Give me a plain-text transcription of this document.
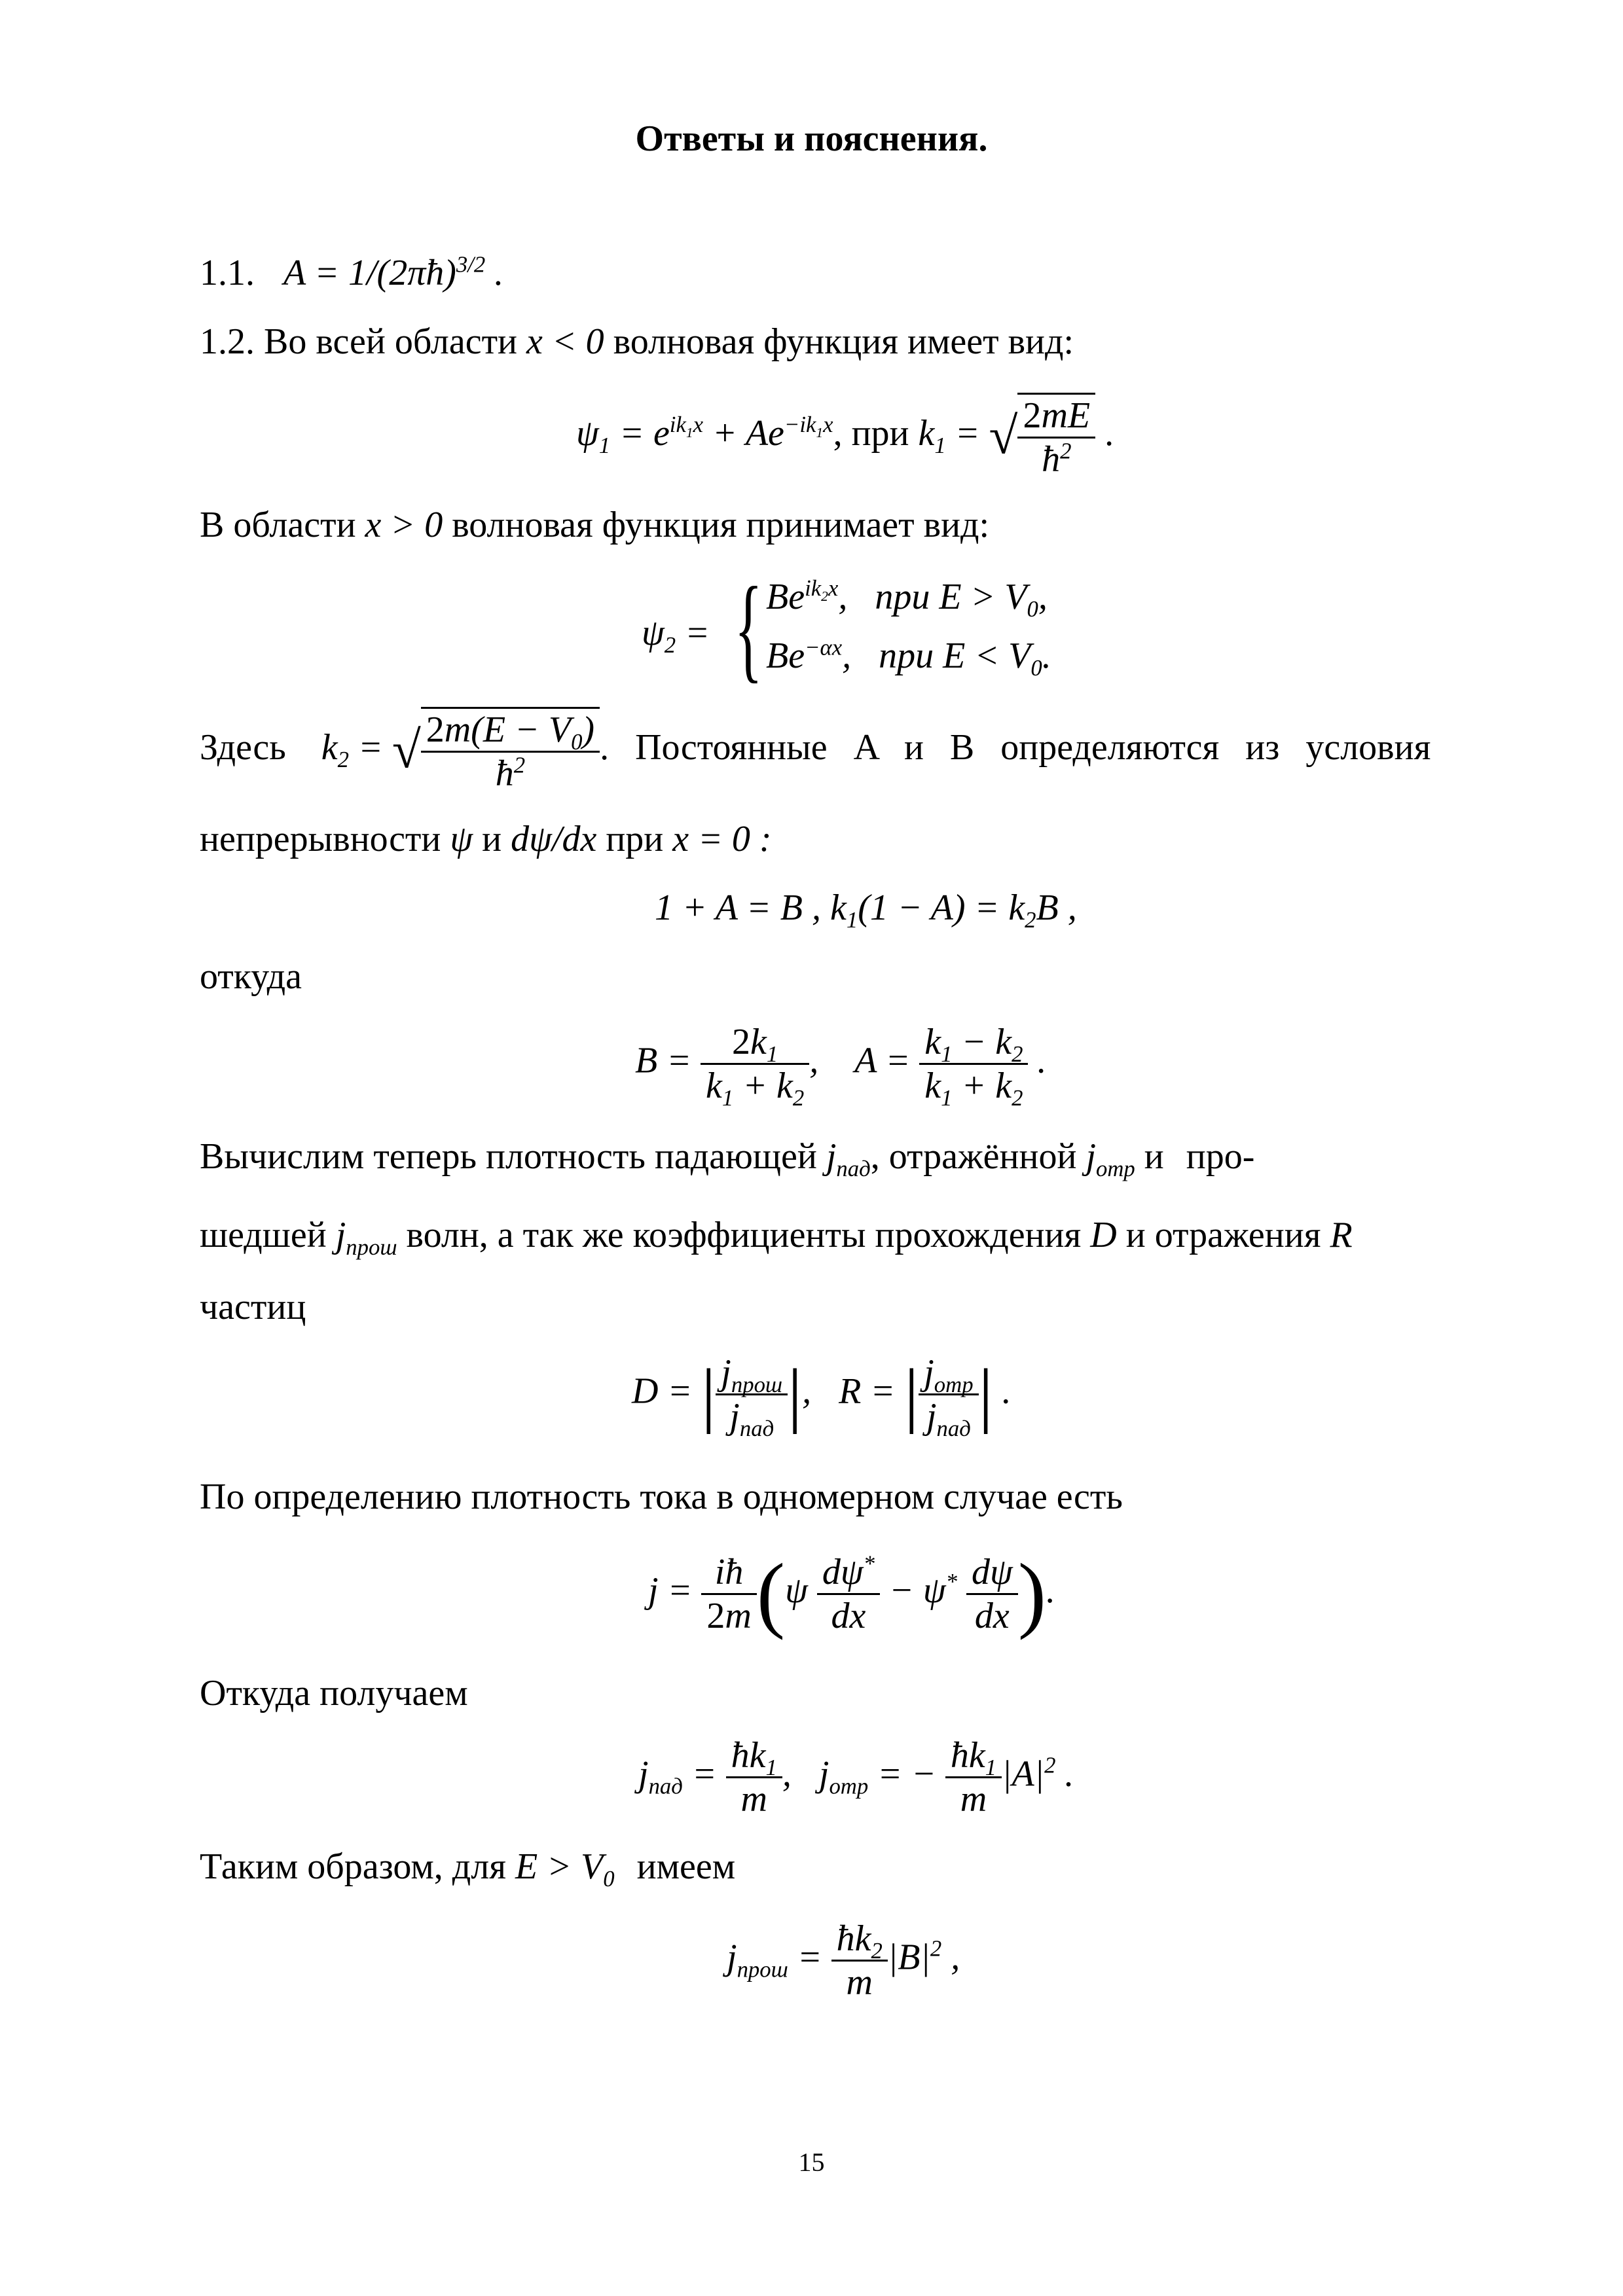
Ответы и пояснения.
1.1. A = 1/(2πħ)$^{3/2}$ .
1.2. Во всей области x < 0 волновая функция имеет вид:
$\psi_1 = e^{ik_1x} + Ae^{-ik_1x}$, при $k_1$ = √ $\frac{2mE}{ħ^2}$ .
В области x > 0 волновая функция принимает вид:
$\psi_2$ = { $Be^{ik_2x}$,   при $E > V_0$,
$Be^{-\alpha x}$,   при $E < V_0$.
Здесь $k_2$ = √ $\frac{2m(E - V_0)}{ħ^2}$ . Постоянные A и B определяются из условия
непрерывности ψ и dψ/dx при x = 0 :
1 + A = B , $k_1(1 - A) = k_2B$ ,
откуда
$B = \frac{2k_1}{k_1 + k_2}$ ,    $A = \frac{k_1 - k_2}{k_1 + k_2}$ .
Вычислим теперь плотность падающей $j_{пад}$, отражённой $j_{отр}$ и про-
шедшей $j_{прош}$ волн, а так же коэффициенты прохождения D и отражения R
частиц
D = | $\frac{j_{прош}}{j_{пад}}$ |,   R = | $\frac{j_{отр}}{j_{пад}}$ | .
По определению плотность тока в одномерном случае есть
$j = \frac{iħ}{2m} (\psi \frac{d\psi^*}{dx} - \psi^* \frac{d\psi}{dx}$ ).
Откуда получаем
$j_{пад} = \frac{ħk_1}{m}$ ,   $j_{отр}$ = − $\frac{ħk_1}{m} |A|^2$ .
Таким образом, для $E > V_0$ имеем
$j_{прош} = \frac{ħk_2}{m} |B|^2$ ,
15
